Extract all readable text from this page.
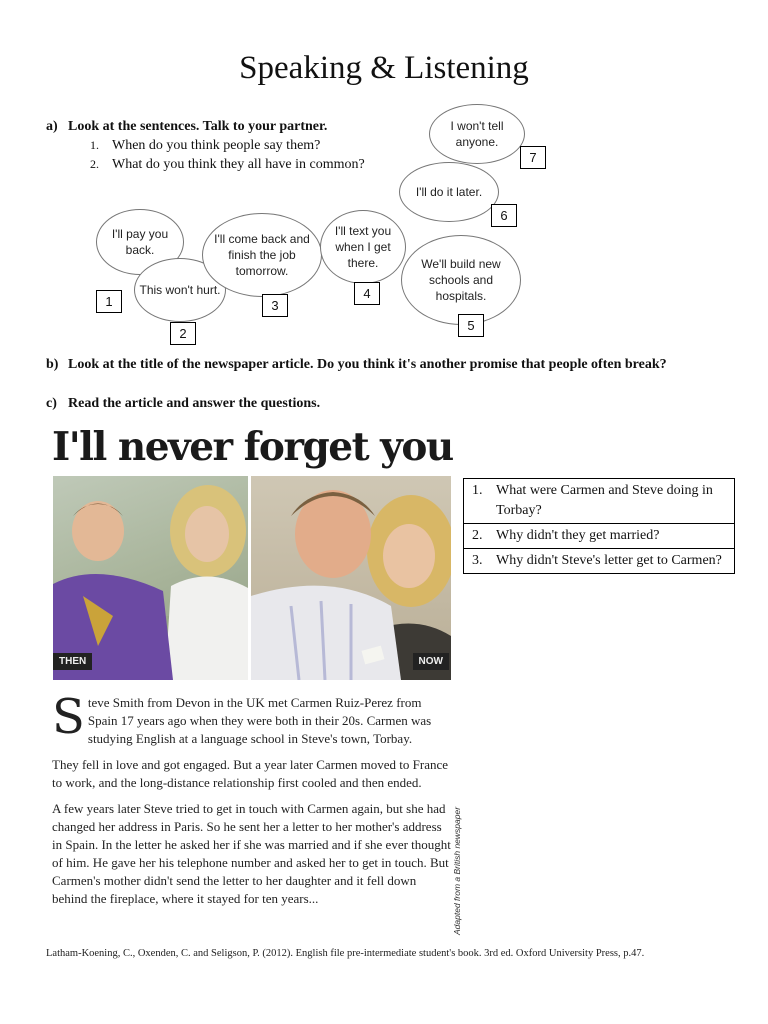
Speaking & Listening
a) Look at the sentences. Talk to your partner.
1. When do you think people say them?
2. What do you think they all have in common?
I'll pay you back.
This won't hurt.
I'll come back and finish the job tomorrow.
I'll text you when I get there.	We'll build new schools and hospitals.
I'll do it later.
I won't tell anyone.
1
2
3
4
5
6
7
b) Look at the title of the newspaper article. Do you think it's another promise that people often break?
c) Read the article and answer the questions.
I'll never forget you
THEN	NOW
Steve Smith from Devon in the UK met Carmen Ruiz-Perez from Spain 17 years ago when they were both in their 20s. Carmen was studying English at a language school in Steve's town, Torbay.
They fell in love and got engaged. But a year later Carmen moved to France to work, and the long-distance relationship first cooled and then ended.
A few years later Steve tried to get in touch with Carmen again, but she had changed her address in Paris. So he sent her a letter to her mother's address in Spain. In the letter he asked her if she was married and if she ever thought of him. He gave her his telephone number and asked her to get in touch. But Carmen's mother didn't send the letter to her daughter and it fell down behind the fireplace, where it stayed for ten years...	Adapted from a British newspaper
1. What were Carmen and Steve doing in Torbay?
2. Why didn't they get married?
3. Why didn't Steve's letter get to Carmen?
Latham-Koening, C., Oxenden, C. and Seligson, P. (2012). English file pre-intermediate student's book. 3rd ed. Oxford University Press, p.47.
